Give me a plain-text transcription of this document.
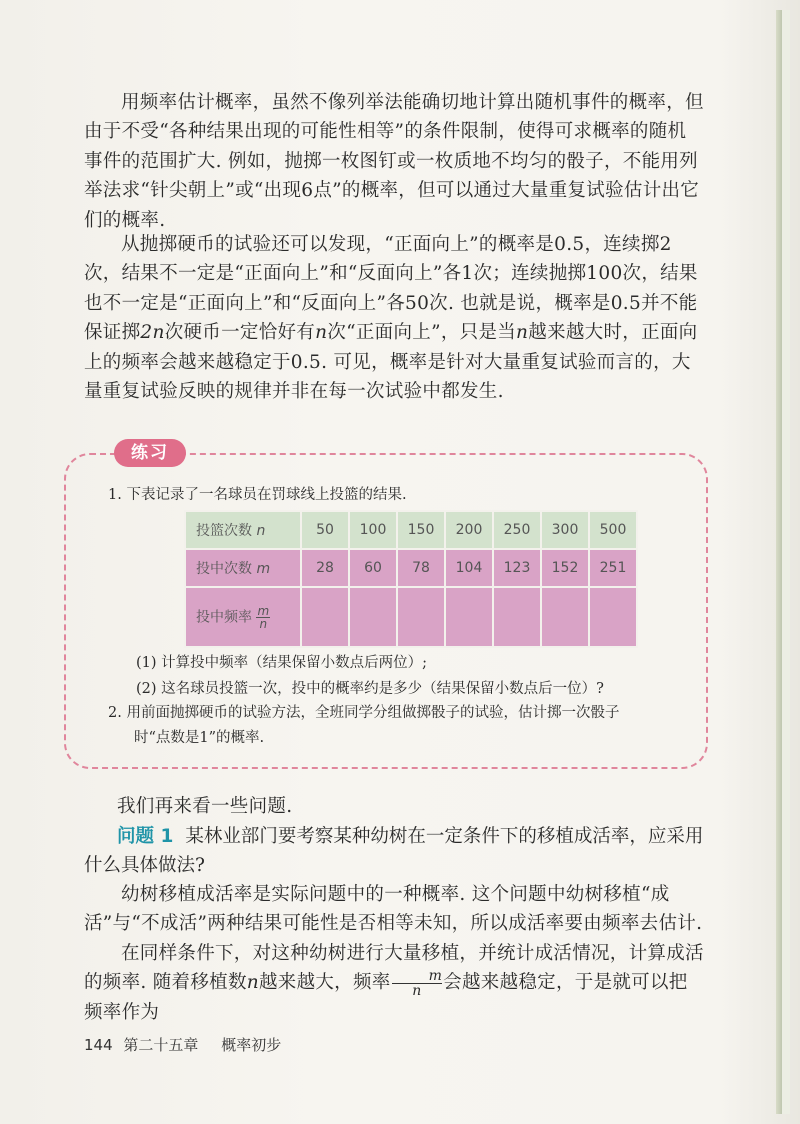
用频率估计概率，虽然不像列举法能确切地计算出随机事件的概率，但由于不受“各种结果出现的可能性相等”的条件限制，使得可求概率的随机事件的范围扩大. 例如，抛掷一枚图钉或一枚质地不均匀的骰子，不能用列举法求“针尖朝上”或“出现6点”的概率，但可以通过大量重复试验估计出它们的概率.

从抛掷硬币的试验还可以发现，“正面向上”的概率是0.5，连续掷2次，结果不一定是“正面向上”和“反面向上”各1次；连续抛掷100次，结果也不一定是“正面向上”和“反面向上”各50次. 也就是说，概率是0.5并不能保证掷2n次硬币一定恰好有n次“正面向上”，只是当n越来越大时，正面向上的频率会越来越稳定于0.5. 可见，概率是针对大量重复试验而言的，大量重复试验反映的规律并非在每一次试验中都发生.

练习
1. 下表记录了一名球员在罚球线上投篮的结果.
投篮次数 n	50	100	150	200	250	300	500
投中次数 m	28	60	78	104	123	152	251
投中频率 $\frac{m}{n}$

(1) 计算投中频率（结果保留小数点后两位）;
(2) 这名球员投篮一次，投中的概率约是多少（结果保留小数点后一位）?
2. 用前面抛掷硬币的试验方法，全班同学分组做掷骰子的试验，估计掷一次骰子
时“点数是1”的概率.

我们再来看一些问题.

问题 1 某林业部门要考察某种幼树在一定条件下的移植成活率，应采用
什么具体做法?

幼树移植成活率是实际问题中的一种概率. 这个问题中幼树移植“成活”与“不成活”两种结果可能性是否相等未知，所以成活率要由频率去估计.

在同样条件下，对这种幼树进行大量移植，并统计成活情况，计算成活的频率. 随着移植数n越来越大，频率 $\frac{m}{n}$会越来越稳定，于是就可以把频率作为

144 第二十五章 概率初步
